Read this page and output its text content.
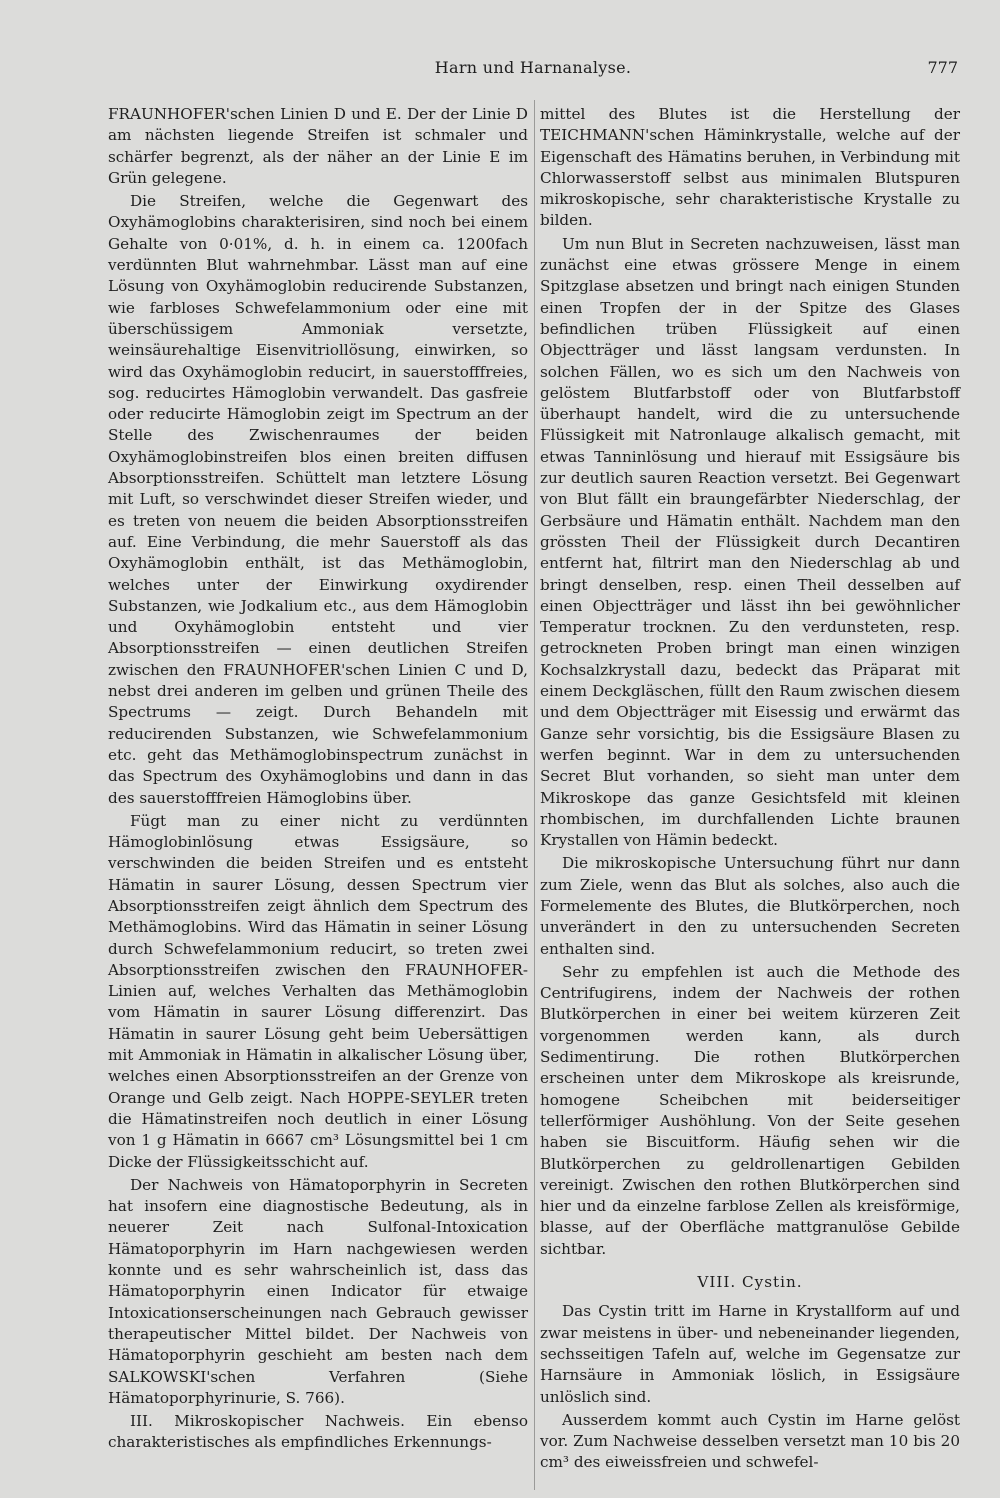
Harn und Harnanalyse.	777

FRAUNHOFER'schen Linien D und E. Der der Linie D am nächsten liegende Streifen ist schmaler und schärfer begrenzt, als der näher an der Linie E im Grün gelegene.

Die Streifen, welche die Gegenwart des Oxyhämoglobins charakterisiren, sind noch bei einem Gehalte von 0·01%, d. h. in einem ca. 1200fach verdünnten Blut wahrnehmbar. Lässt man auf eine Lösung von Oxyhämoglobin reducirende Substanzen, wie farbloses Schwefelammonium oder eine mit überschüssigem Ammoniak versetzte, weinsäurehaltige Eisenvitriollösung, einwirken, so wird das Oxyhämoglobin reducirt, in sauerstofffreies, sog. reducirtes Hämoglobin verwandelt. Das gasfreie oder reducirte Hämoglobin zeigt im Spectrum an der Stelle des Zwischenraumes der beiden Oxyhämoglobinstreifen blos einen breiten diffusen Absorptionsstreifen. Schüttelt man letztere Lösung mit Luft, so verschwindet dieser Streifen wieder, und es treten von neuem die beiden Absorptionsstreifen auf. Eine Verbindung, die mehr Sauerstoff als das Oxyhämoglobin enthält, ist das Methämoglobin, welches unter der Einwirkung oxydirender Substanzen, wie Jodkalium etc., aus dem Hämoglobin und Oxyhämoglobin entsteht und vier Absorptionsstreifen — einen deutlichen Streifen zwischen den FRAUNHOFER'schen Linien C und D, nebst drei anderen im gelben und grünen Theile des Spectrums — zeigt. Durch Behandeln mit reducirenden Substanzen, wie Schwefelammonium etc. geht das Methämoglobinspectrum zunächst in das Spectrum des Oxyhämoglobins und dann in das des sauerstofffreien Hämoglobins über.

Fügt man zu einer nicht zu verdünnten Hämoglobinlösung etwas Essigsäure, so verschwinden die beiden Streifen und es entsteht Hämatin in saurer Lösung, dessen Spectrum vier Absorptionsstreifen zeigt ähnlich dem Spectrum des Methämoglobins. Wird das Hämatin in seiner Lösung durch Schwefelammonium reducirt, so treten zwei Absorptionsstreifen zwischen den FRAUNHOFER-Linien auf, welches Verhalten das Methämoglobin vom Hämatin in saurer Lösung differenzirt. Das Hämatin in saurer Lösung geht beim Uebersättigen mit Ammoniak in Hämatin in alkalischer Lösung über, welches einen Absorptionsstreifen an der Grenze von Orange und Gelb zeigt. Nach HOPPE-SEYLER treten die Hämatinstreifen noch deutlich in einer Lösung von 1 g Hämatin in 6667 cm³ Lösungsmittel bei 1 cm Dicke der Flüssigkeitsschicht auf.

Der Nachweis von Hämatoporphyrin in Secreten hat insofern eine diagnostische Bedeutung, als in neuerer Zeit nach Sulfonal-Intoxication Hämatoporphyrin im Harn nachgewiesen werden konnte und es sehr wahrscheinlich ist, dass das Hämatoporphyrin einen Indicator für etwaige Intoxicationserscheinungen nach Gebrauch gewisser therapeutischer Mittel bildet. Der Nachweis von Hämatoporphyrin geschieht am besten nach dem SALKOWSKI'schen Verfahren (Siehe Hämatoporphyrinurie, S. 766).

III. Mikroskopischer Nachweis. Ein ebenso charakteristisches als empfindliches Erkennungs-

mittel des Blutes ist die Herstellung der TEICHMANN'schen Häminkrystalle, welche auf der Eigenschaft des Hämatins beruhen, in Verbindung mit Chlorwasserstoff selbst aus minimalen Blutspuren mikroskopische, sehr charakteristische Krystalle zu bilden.

Um nun Blut in Secreten nachzuweisen, lässt man zunächst eine etwas grössere Menge in einem Spitzglase absetzen und bringt nach einigen Stunden einen Tropfen der in der Spitze des Glases befindlichen trüben Flüssigkeit auf einen Objectträger und lässt langsam verdunsten. In solchen Fällen, wo es sich um den Nachweis von gelöstem Blutfarbstoff oder von Blutfarbstoff überhaupt handelt, wird die zu untersuchende Flüssigkeit mit Natronlauge alkalisch gemacht, mit etwas Tanninlösung und hierauf mit Essigsäure bis zur deutlich sauren Reaction versetzt. Bei Gegenwart von Blut fällt ein braungefärbter Niederschlag, der Gerbsäure und Hämatin enthält. Nachdem man den grössten Theil der Flüssigkeit durch Decantiren entfernt hat, filtrirt man den Niederschlag ab und bringt denselben, resp. einen Theil desselben auf einen Objectträger und lässt ihn bei gewöhnlicher Temperatur trocknen. Zu den verdunsteten, resp. getrockneten Proben bringt man einen winzigen Kochsalzkrystall dazu, bedeckt das Präparat mit einem Deckgläschen, füllt den Raum zwischen diesem und dem Objectträger mit Eisessig und erwärmt das Ganze sehr vorsichtig, bis die Essigsäure Blasen zu werfen beginnt. War in dem zu untersuchenden Secret Blut vorhanden, so sieht man unter dem Mikroskope das ganze Gesichtsfeld mit kleinen rhombischen, im durchfallenden Lichte braunen Krystallen von Hämin bedeckt.

Die mikroskopische Untersuchung führt nur dann zum Ziele, wenn das Blut als solches, also auch die Formelemente des Blutes, die Blutkörperchen, noch unverändert in den zu untersuchenden Secreten enthalten sind.

Sehr zu empfehlen ist auch die Methode des Centrifugirens, indem der Nachweis der rothen Blutkörperchen in einer bei weitem kürzeren Zeit vorgenommen werden kann, als durch Sedimentirung. Die rothen Blutkörperchen erscheinen unter dem Mikroskope als kreisrunde, homogene Scheibchen mit beiderseitiger tellerförmiger Aushöhlung. Von der Seite gesehen haben sie Biscuitform. Häufig sehen wir die Blutkörperchen zu geldrollenartigen Gebilden vereinigt. Zwischen den rothen Blutkörperchen sind hier und da einzelne farblose Zellen als kreisförmige, blasse, auf der Oberfläche mattgranulöse Gebilde sichtbar.

VIII. Cystin.

Das Cystin tritt im Harne in Krystallform auf und zwar meistens in über- und nebeneinander liegenden, sechsseitigen Tafeln auf, welche im Gegensatze zur Harnsäure in Ammoniak löslich, in Essigsäure unlöslich sind.

Ausserdem kommt auch Cystin im Harne gelöst vor. Zum Nachweise desselben versetzt man 10 bis 20 cm³ des eiweissfreien und schwefel-
